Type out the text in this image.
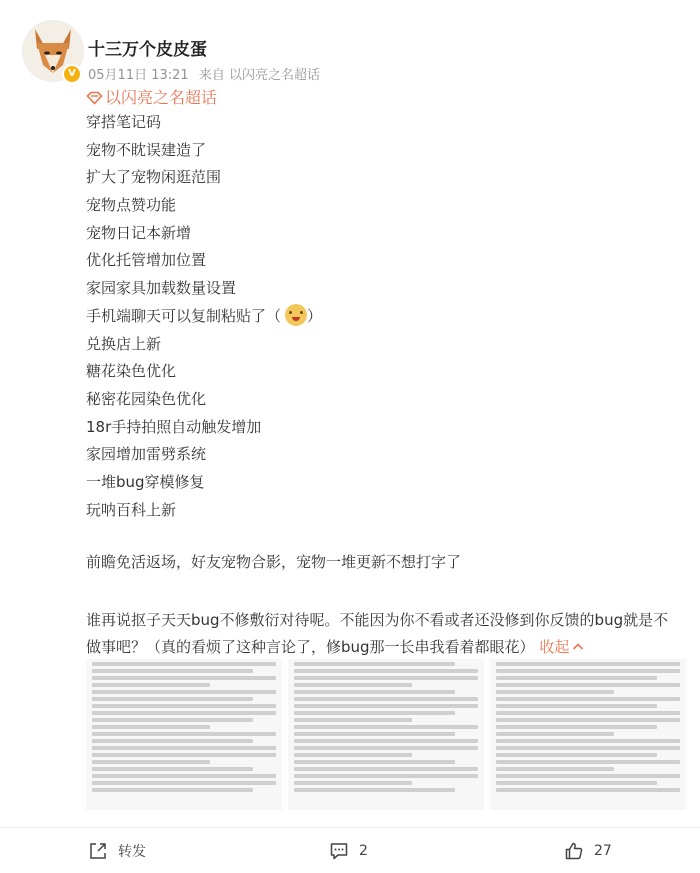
V
十三万个皮皮蛋
05月11日 13:21 来自 以闪亮之名超话
以闪亮之名超话
穿搭笔记码
宠物不眈误建造了
扩大了宠物闲逛范围
宠物点赞功能
宠物日记本新增
优化托管增加位置
家园家具加载数量设置
手机端聊天可以复制粘贴了（ ）
兑换店上新
糖花染色优化
秘密花园染色优化
18r手持拍照自动触发增加
家园增加雷劈系统
一堆bug穿模修复
玩呐百科上新
前瞻免活返场，好友宠物合影，宠物一堆更新不想打字了
谁再说抠子天天bug不修敷衍对待呢。不能因为你不看或者还没修到你反馈的bug就是不
做事吧？（真的看烦了这种言论了，修bug那一长串我看着都眼花） 收起
转发	2	27
